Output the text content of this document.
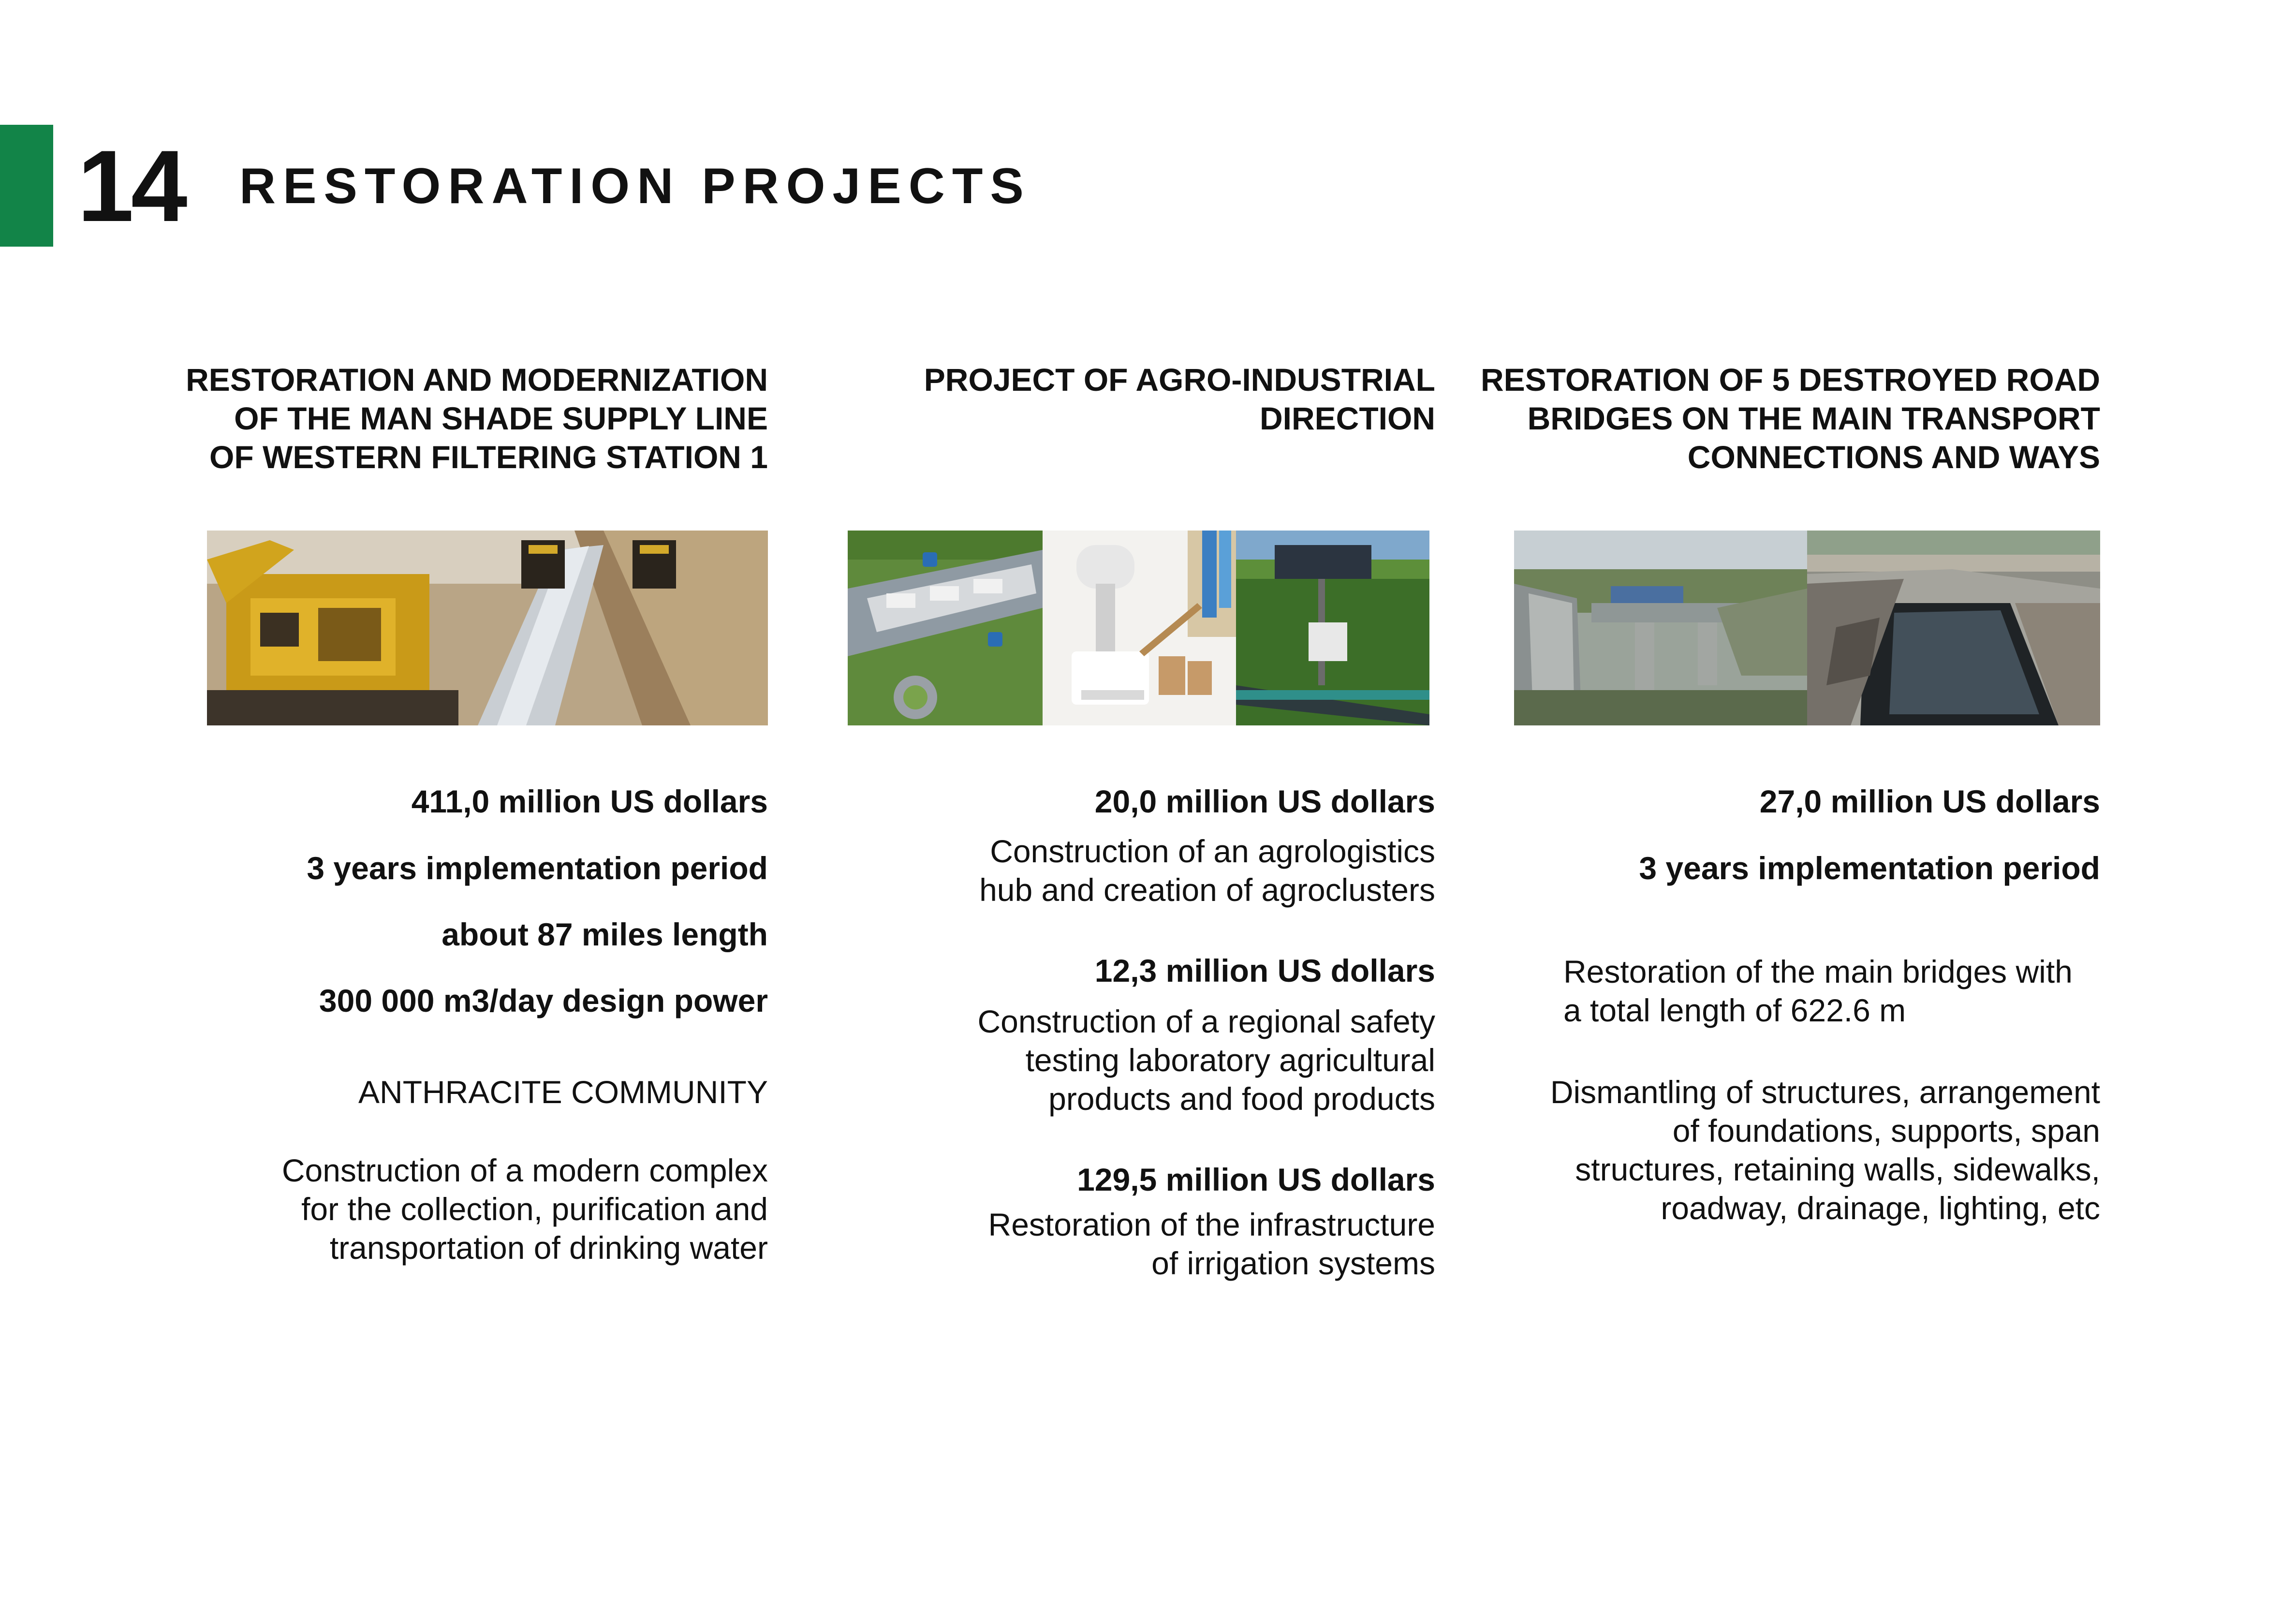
14 RESTORATION PROJECTS
RESTORATION AND MODERNIZATION
OF THE MAN SHADE SUPPLY LINE
OF WESTERN FILTERING STATION 1
411,0 million US dollars
3 years implementation period
about 87 miles length
300 000 m3/day design power
ANTHRACITE COMMUNITY
Construction of a modern complex
for the collection, purification and
transportation of drinking water
PROJECT OF AGRO-INDUSTRIAL
DIRECTION
20,0 million US dollars
Construction of an agrologistics
hub and creation of agroclusters
12,3 million US dollars
Construction of a regional safety
testing laboratory agricultural
products and food products
129,5 million US dollars
Restoration of the infrastructure
of irrigation systems
RESTORATION OF 5 DESTROYED ROAD
BRIDGES ON THE MAIN TRANSPORT
CONNECTIONS AND WAYS
27,0 million US dollars
3 years implementation period
Restoration of the main bridges with
a total length of 622.6 m
Dismantling of structures, arrangement
of foundations, supports, span
structures, retaining walls, sidewalks,
roadway, drainage, lighting, etc
